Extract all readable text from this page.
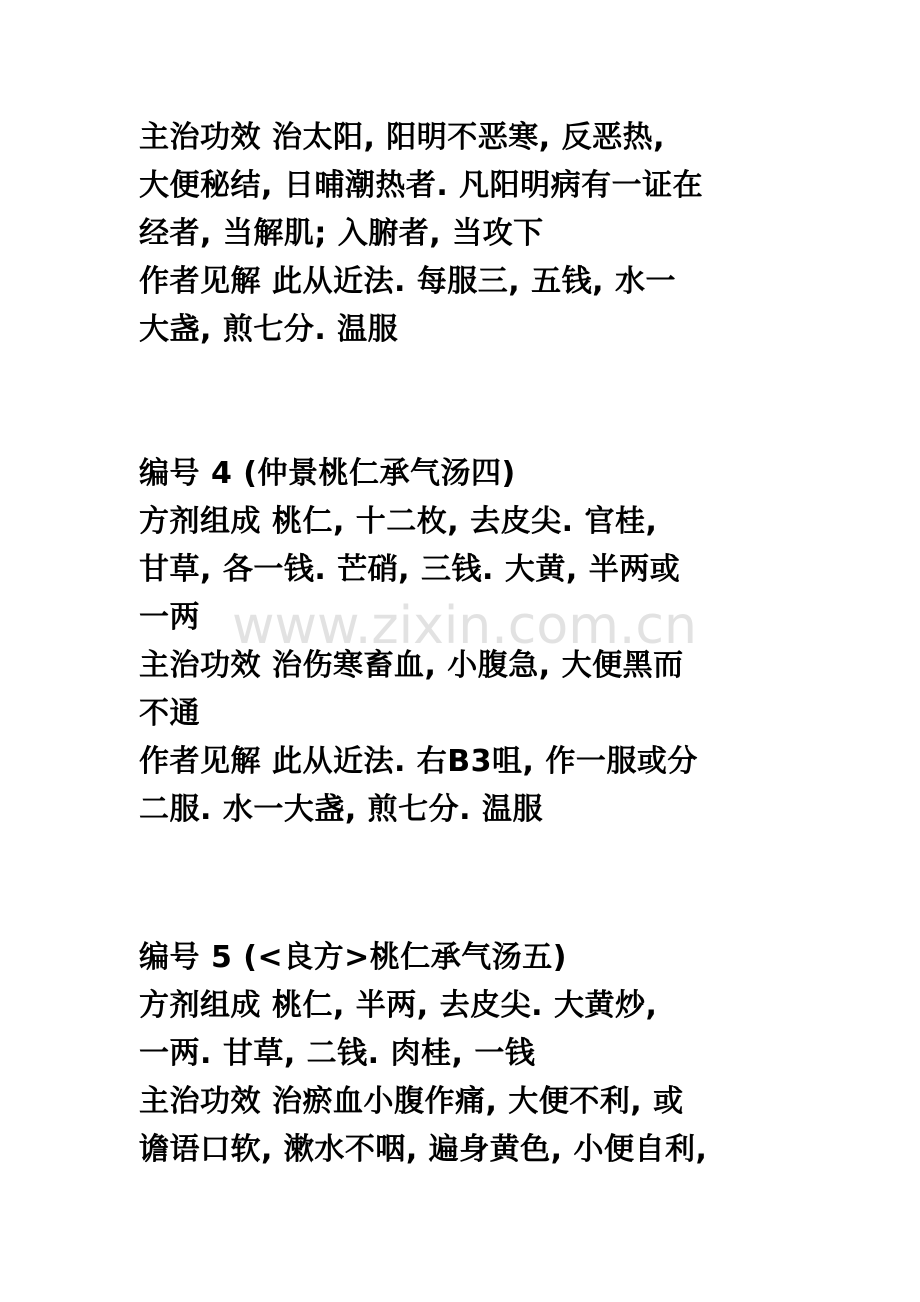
主治功效 治太阳, 阳明不恶寒, 反恶热,
大便秘结, 日晡潮热者. 凡阳明病有一证在
经者, 当解肌; 入腑者, 当攻下
作者见解 此从近法. 每服三, 五钱, 水一
大盏, 煎七分. 温服
编号 4 (仲景桃仁承气汤四)
方剂组成 桃仁, 十二枚, 去皮尖. 官桂,
甘草, 各一钱. 芒硝, 三钱. 大黄, 半两或
一两
主治功效 治伤寒畜血, 小腹急, 大便黑而
不通
作者见解 此从近法. 右B3咀, 作一服或分
二服. 水一大盏, 煎七分. 温服
编号 5 (<良方>桃仁承气汤五)
方剂组成 桃仁, 半两, 去皮尖. 大黄炒,
一两. 甘草, 二钱. 肉桂, 一钱
主治功效 治瘀血小腹作痛, 大便不利, 或
谵语口软, 漱水不咽, 遍身黄色, 小便自利,
www.zixin.com.cn
